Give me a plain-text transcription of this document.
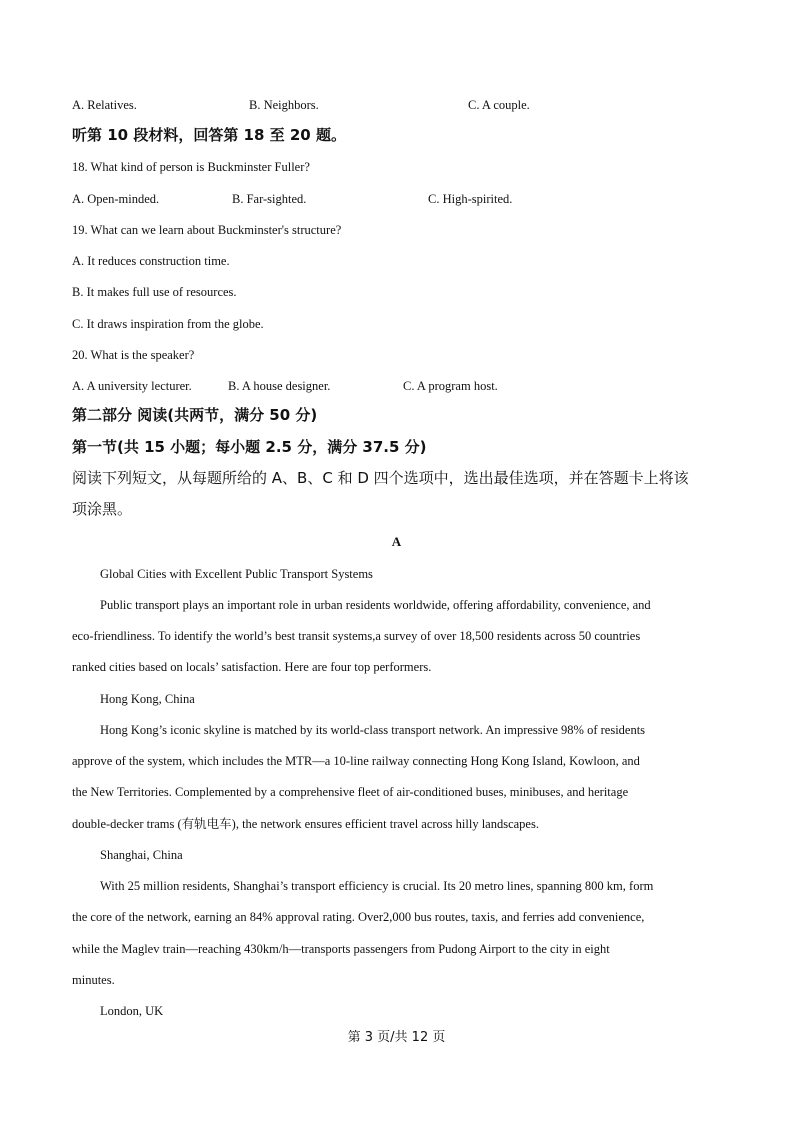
A. Relatives.	B. Neighbors.	C. A couple.
听第 10 段材料，回答第 18 至 20 题。
18. What kind of person is Buckminster Fuller?
A. Open-minded.	B. Far-sighted.	C. High-spirited.
19. What can we learn about Buckminster's structure?
A. It reduces construction time.
B. It makes full use of resources.
C. It draws inspiration from the globe.
20. What is the speaker?
A. A university lecturer.	B. A house designer.	C. A program host.
第二部分 阅读(共两节，满分 50 分)
第一节(共 15 小题；每小题 2.5 分，满分 37.5 分)
阅读下列短文，从每题所给的 A、B、C 和 D 四个选项中，选出最佳选项，并在答题卡上将该
项涂黑。
A
Global Cities with Excellent Public Transport Systems
Public transport plays an important role in urban residents worldwide, offering affordability, convenience, and
eco-friendliness. To identify the world’s best transit systems,a survey of over 18,500 residents across 50 countries
ranked cities based on locals’ satisfaction. Here are four top performers.
Hong Kong, China
Hong Kong’s iconic skyline is matched by its world-class transport network. An impressive 98% of residents
approve of the system, which includes the MTR—a 10-line railway connecting Hong Kong Island, Kowloon, and
the New Territories. Complemented by a comprehensive fleet of air-conditioned buses, minibuses, and heritage
double-decker trams (有轨电车), the network ensures efficient travel across hilly landscapes.
Shanghai, China
With 25 million residents, Shanghai’s transport efficiency is crucial. Its 20 metro lines, spanning 800 km, form
the core of the network, earning an 84% approval rating. Over2,000 bus routes, taxis, and ferries add convenience,
while the Maglev train—reaching 430km/h—transports passengers from Pudong Airport to the city in eight
minutes.
London, UK
第 3 页/共 12 页
